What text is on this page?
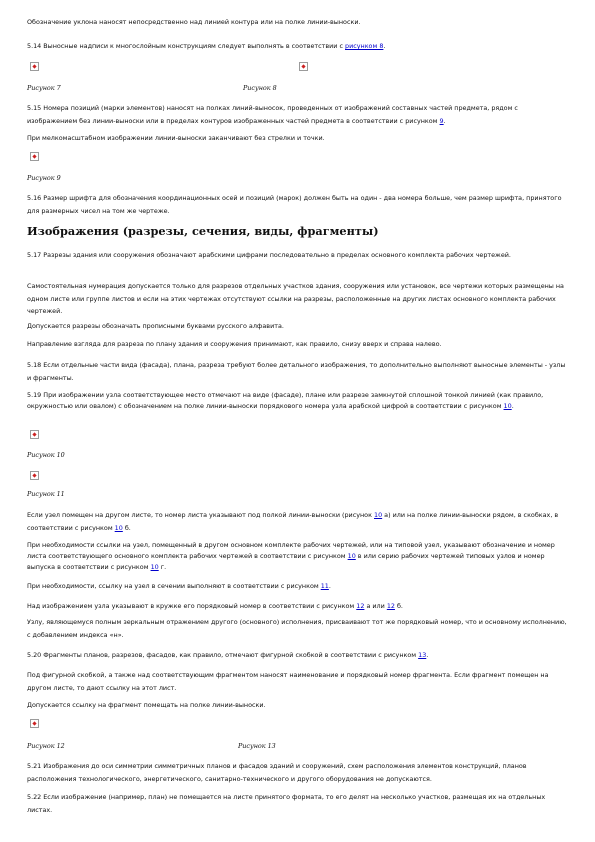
Обозначение уклона наносят непосредственно над линией контура или на полке линии-выноски.
5.14 Выносные надписи к многослойным конструкциям следует выполнять в соответствии с рисунком 8.
Рисунок 7	Рисунок 8
5.15 Номера позиций (марки элементов) наносят на полках линий-выносок, проведенных от изображений составных частей предмета, рядом с изображением без линии-выноски или в пределах контуров изображенных частей предмета в соответствии с рисунком 9.
При мелкомасштабном изображении линии-выноски заканчивают без стрелки и точки.
Рисунок 9
5.16 Размер шрифта для обозначения координационных осей и позиций (марок) должен быть на один - два номера больше, чем размер шрифта, принятого для размерных чисел на том же чертеже.
Изображения (разрезы, сечения, виды, фрагменты)
5.17 Разрезы здания или сооружения обозначают арабскими цифрами последовательно в пределах основного комплекта рабочих чертежей.
Самостоятельная нумерация допускается только для разрезов отдельных участков здания, сооружения или установок, все чертежи которых размещены на одном листе или группе листов и если на этих чертежах отсутствуют ссылки на разрезы, расположенные на других листах основного комплекта рабочих чертежей.
Допускается разрезы обозначать прописными буквами русского алфавита.
Направление взгляда для разреза по плану здания и сооружения принимают, как правило, снизу вверх и справа налево.
5.18 Если отдельные части вида (фасада), плана, разреза требуют более детального изображения, то дополнительно выполняют выносные элементы - узлы и фрагменты.
5.19 При изображении узла соответствующее место отмечают на виде (фасаде), плане или разрезе замкнутой сплошной тонкой линией (как правило, окружностью или овалом) с обозначением на полке линии-выноски порядкового номера узла арабской цифрой в соответствии с рисунком 10.
Рисунок 10
Рисунок 11
Если узел помещен на другом листе, то номер листа указывают под полкой линии-выноски (рисунок 10 а) или на полке линии-выноски рядом, в скобках, в соответствии с рисунком 10 б.
При необходимости ссылки на узел, помещенный в другом основном комплекте рабочих чертежей, или на типовой узел, указывают обозначение и номер листа соответствующего основного комплекта рабочих чертежей в соответствии с рисунком 10 в или серию рабочих чертежей типовых узлов и номер выпуска в соответствии с рисунком 10 г.
При необходимости, ссылку на узел в сечении выполняют в соответствии с рисунком 11.
Над изображением узла указывают в кружке его порядковый номер в соответствии с рисунком 12 а или 12 б.
Узлу, являющемуся полным зеркальным отражением другого (основного) исполнения, присваивают тот же порядковый номер, что и основному исполнению, с добавлением индекса «н».
5.20 Фрагменты планов, разрезов, фасадов, как правило, отмечают фигурной скобкой в соответствии с рисунком 13.
Под фигурной скобкой, а также над соответствующим фрагментом наносят наименование и порядковый номер фрагмента. Если фрагмент помещен на другом листе, то дают ссылку на этот лист.
Допускается ссылку на фрагмент помещать на полке линии-выноски.
Рисунок 12	Рисунок 13
5.21 Изображения до оси симметрии симметричных планов и фасадов зданий и сооружений, схем расположения элементов конструкций, планов расположения технологического, энергетического, санитарно-технического и другого оборудования не допускаются.
5.22 Если изображение (например, план) не помещается на листе принятого формата, то его делят на несколько участков, размещая их на отдельных листах.
